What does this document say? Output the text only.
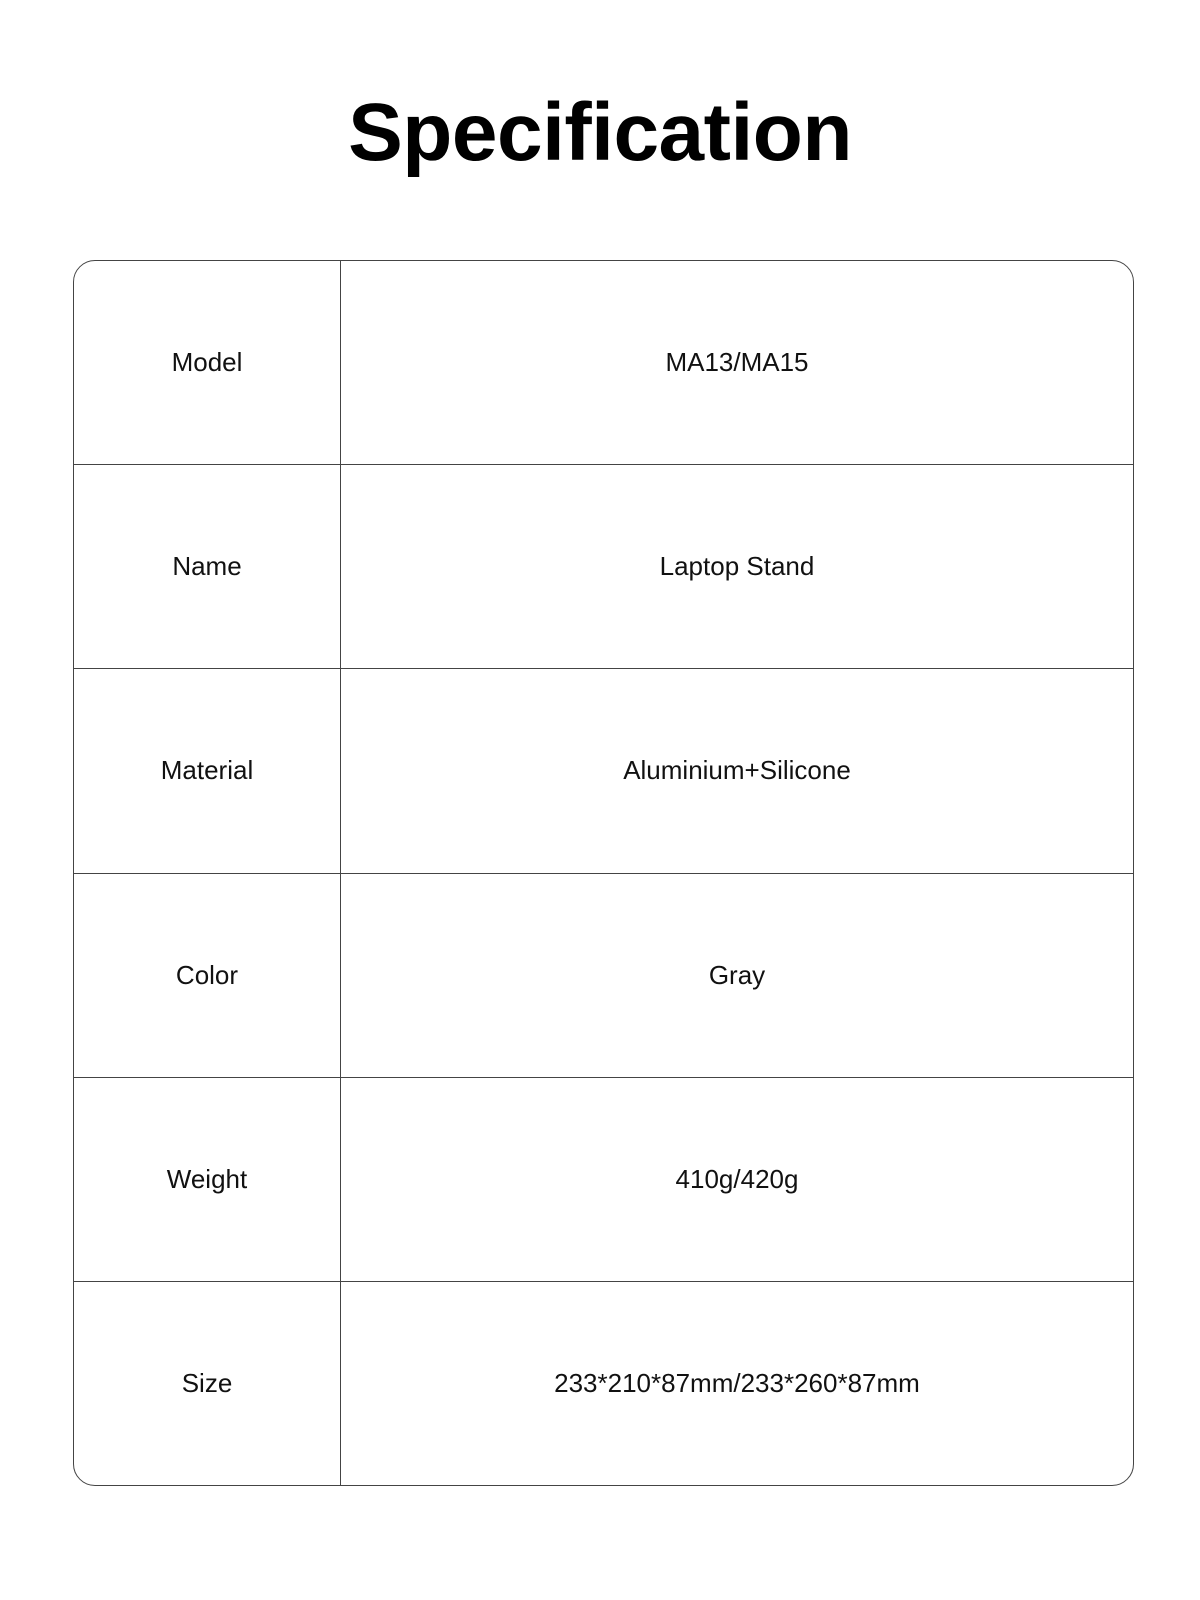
Specification
Model	MA13/MA15
Name	Laptop Stand
Material	Aluminium+Silicone
Color	Gray
Weight	410g/420g
Size	233*210*87mm/233*260*87mm
